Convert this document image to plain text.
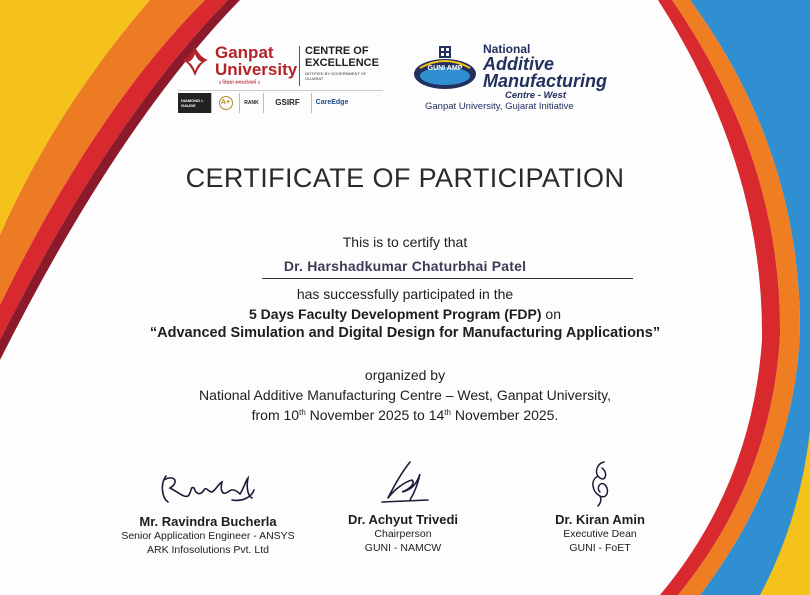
Ganpat
University
॥ विद्यया समाजोत्कर्ष ॥
CENTRE OF
EXCELLENCE
NOTIFIED BY GOVERNMENT OF GUJARAT
DIAMOND I-GAUGE	A+	RANK	GSIRF	CareEdge
GUNI AMP
National
Additive
Manufacturing
Centre - West
Ganpat University, Gujarat Initiative
CERTIFICATE OF PARTICIPATION
This is to certify that
Dr. Harshadkumar Chaturbhai Patel
has successfully participated in the
5 Days Faculty Development Program (FDP) on
“Advanced Simulation and Digital Design for Manufacturing Applications”
organized by
National Additive Manufacturing Centre – West, Ganpat University,
from 10th November 2025 to 14th November 2025.
Mr. Ravindra Bucherla
Senior Application Engineer - ANSYS
ARK Infosolutions Pvt. Ltd
Dr. Achyut Trivedi
Chairperson
GUNI - NAMCW
Dr. Kiran Amin
Executive Dean
GUNI - FoET
